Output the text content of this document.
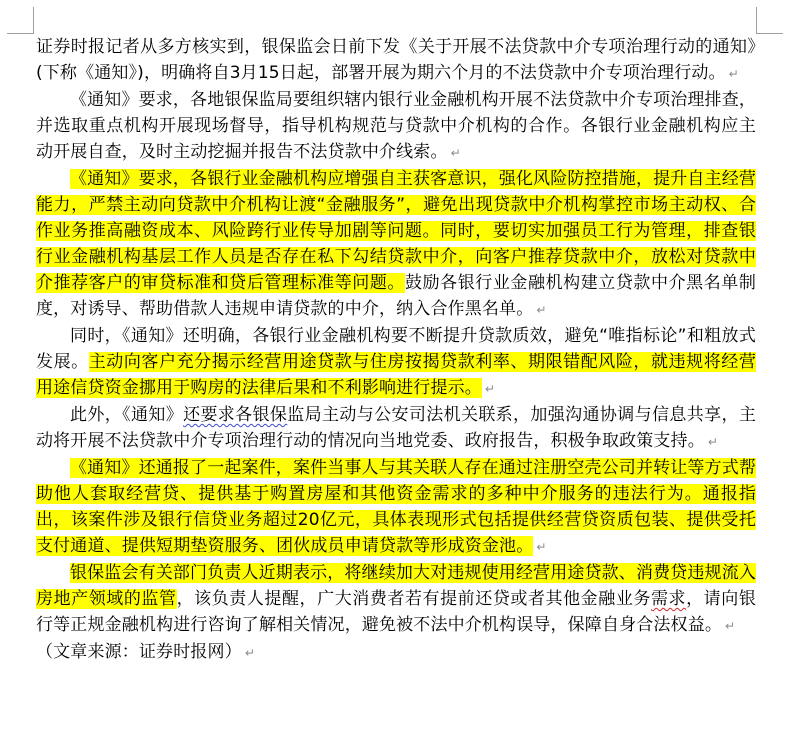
证券时报记者从多方核实到，银保监会日前下发《关于开展不法贷款中介专项治理行动的通知》(下称《通知》)，明确将自3月15日起，部署开展为期六个月的不法贷款中介专项治理行动。 ↵

《通知》要求，各地银保监局要组织辖内银行业金融机构开展不法贷款中介专项治理排查，并选取重点机构开展现场督导，指导机构规范与贷款中介机构的合作。各银行业金融机构应主动开展自查，及时主动挖掘并报告不法贷款中介线索。 ↵

《通知》要求，各银行业金融机构应增强自主获客意识，强化风险防控措施，提升自主经营能力，严禁主动向贷款中介机构让渡“金融服务”，避免出现贷款中介机构掌控市场主动权、合作业务推高融资成本、风险跨行业传导加剧等问题。同时，要切实加强员工行为管理，排查银行业金融机构基层工作人员是否存在私下勾结贷款中介，向客户推荐贷款中介，放松对贷款中介推荐客户的审贷标准和贷后管理标准等问题。鼓励各银行业金融机构建立贷款中介黑名单制度，对诱导、帮助借款人违规申请贷款的中介，纳入合作黑名单。 ↵

同时，《通知》还明确，各银行业金融机构要不断提升贷款质效，避免“唯指标论”和粗放式发展。主动向客户充分揭示经营用途贷款与住房按揭贷款利率、期限错配风险，就违规将经营用途信贷资金挪用于购房的法律后果和不利影响进行提示。 ↵

此外，《通知》还要求各银保监局主动与公安司法机关联系，加强沟通协调与信息共享，主动将开展不法贷款中介专项治理行动的情况向当地党委、政府报告，积极争取政策支持。 ↵

《通知》还通报了一起案件，案件当事人与其关联人存在通过注册空壳公司并转让等方式帮助他人套取经营贷、提供基于购置房屋和其他资金需求的多种中介服务的违法行为。通报指出，该案件涉及银行信贷业务超过20亿元，具体表现形式包括提供经营贷资质包装、提供受托支付通道、提供短期垫资服务、团伙成员申请贷款等形成资金池。 ↵

银保监会有关部门负责人近期表示，将继续加大对违规使用经营用途贷款、消费贷违规流入房地产领域的监管，该负责人提醒，广大消费者若有提前还贷或者其他金融业务需求，请向银行等正规金融机构进行咨询了解相关情况，避免被不法中介机构误导，保障自身合法权益。 ↵

（文章来源：证券时报网） ↵
